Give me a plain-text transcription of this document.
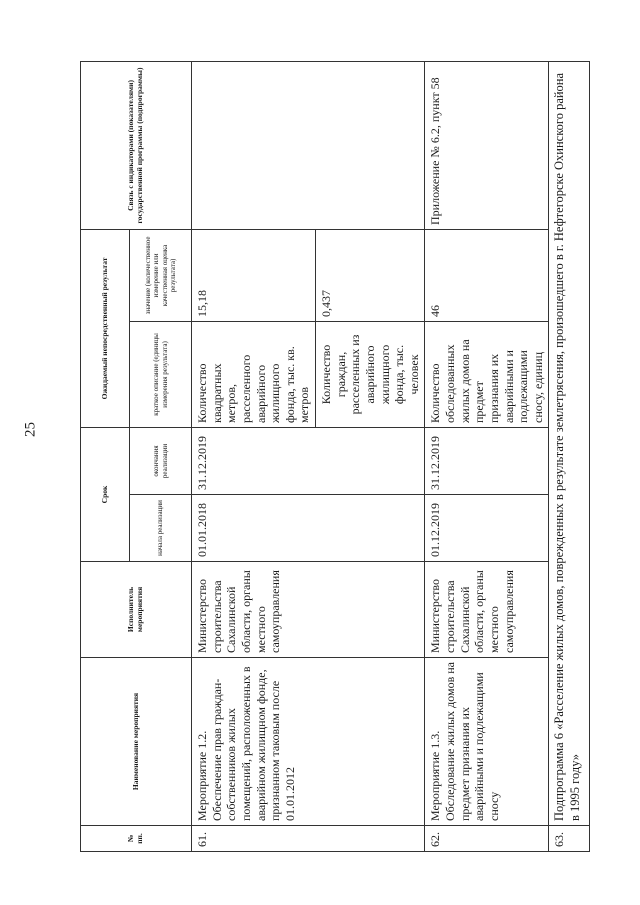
25
№ пп.	Наименование мероприятия	Исполнитель мероприятия	Срок		Ожидаемый непосредственный результат		Связь с индикаторами (показателями) государственной программы (подпрограммы)
			начала реализации	окончания реализации	краткое описание (единицы измерения результата)	значение (количественное измерение или качественная оценка результата)	
61.	Мероприятие 1.2. Обеспечение прав граждан-собственников жилых помещений, расположенных в аварийном жилищном фонде, признанном таковым после 01.01.2012	Министерство строительства Сахалинской области, органы местного самоуправления	01.01.2018	31.12.2019	Количество квадратных метров, расселенного аварийного жилищного фонда, тыс. кв. метров	15,18	
					Количество граждан, расселенных из аварийного жилищного фонда, тыс. человек	0,437	
62.	Мероприятие 1.3. Обследование жилых домов на предмет признания их аварийными и подлежащими сносу	Министерство строительства Сахалинской области, органы местного самоуправления	01.12.2019	31.12.2019	Количество обследованных жилых домов на предмет признания их аварийными и подлежащими сносу, единиц	46	Приложение № 6.2, пункт 58
63.	Подпрограмма 6 «Расселение жилых домов, поврежденных в результате землетрясения, произошедшего в г. Нефтегорске Охинского района в 1995 году»						
